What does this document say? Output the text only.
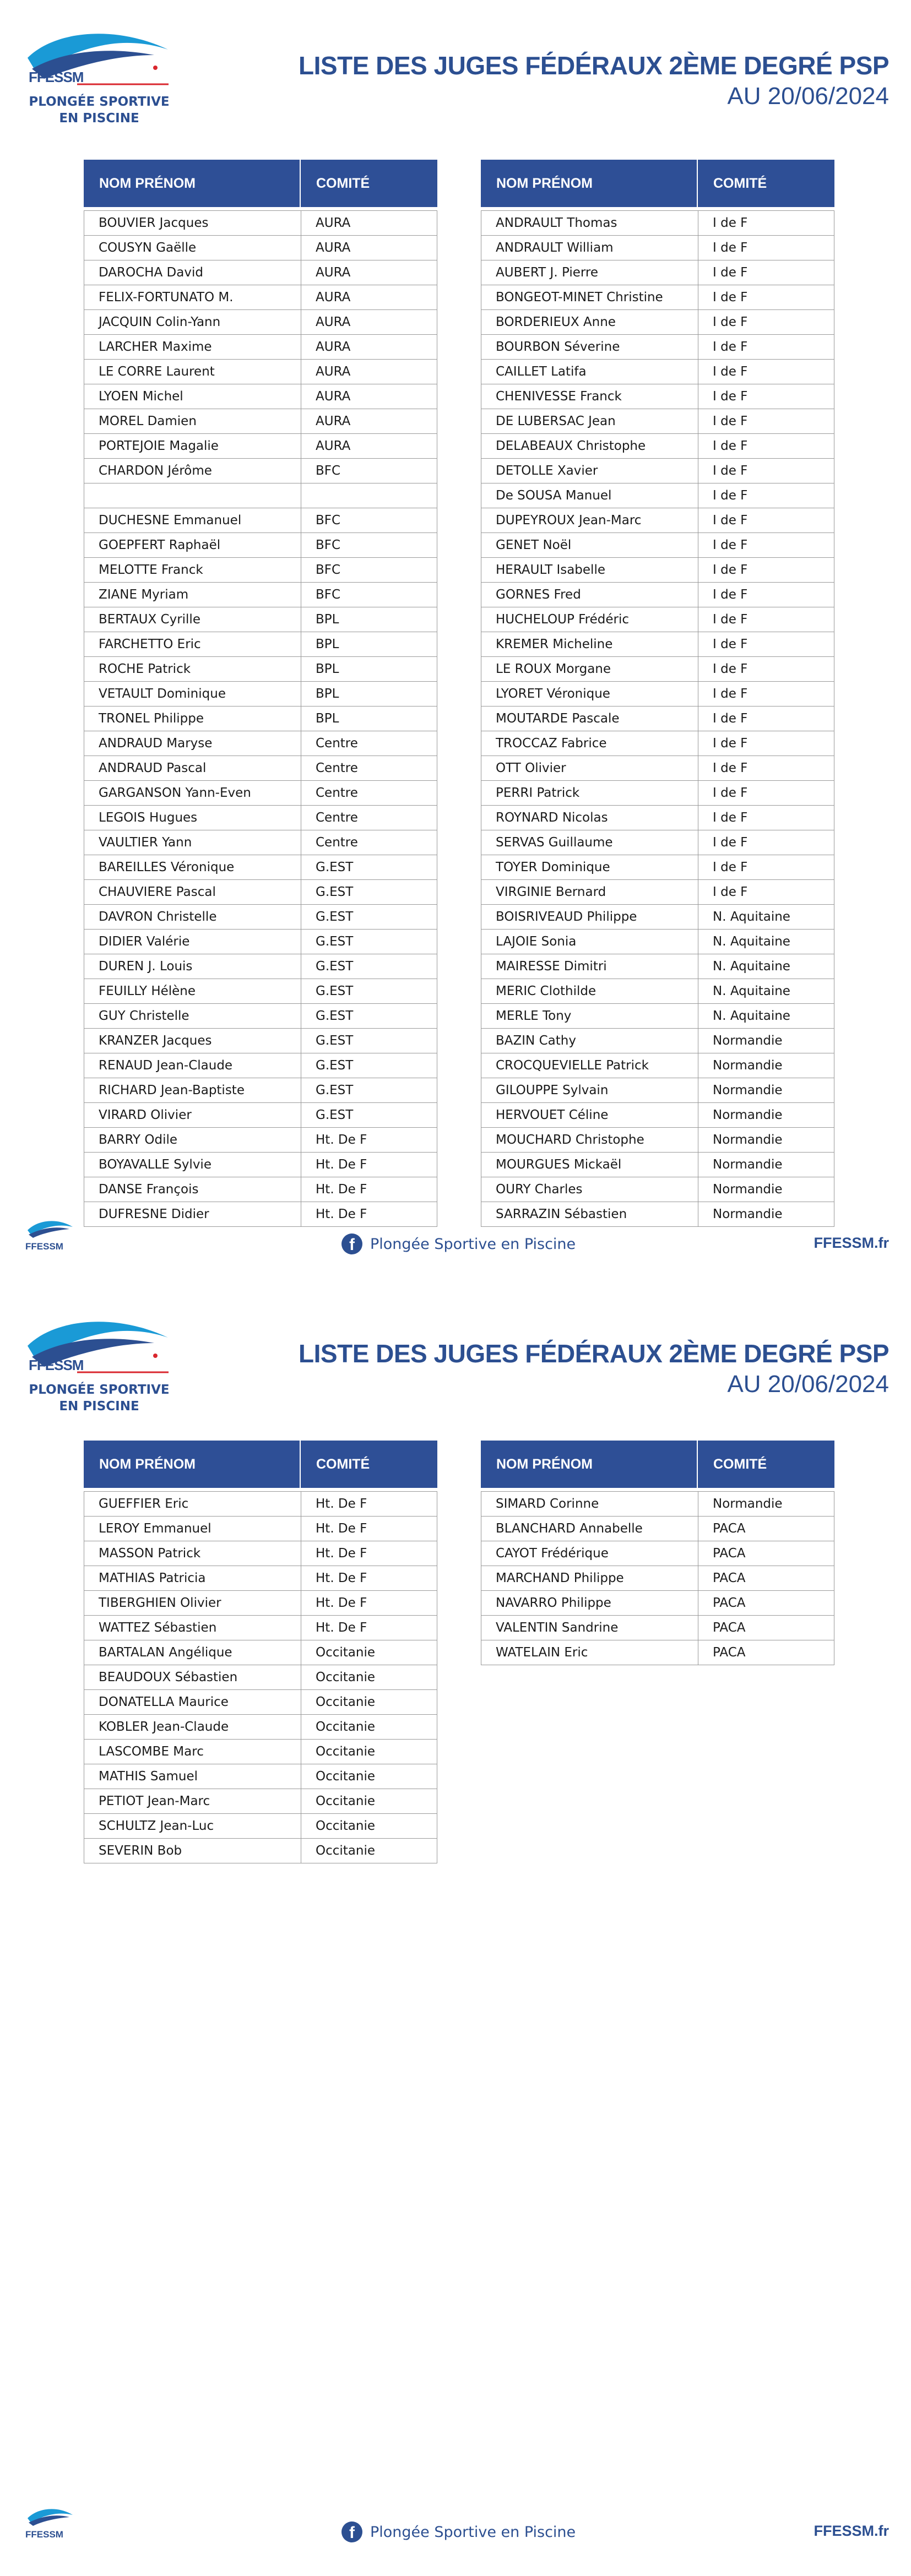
FFESSM
PLONGÉE SPORTIVE
EN PISCINE
LISTE DES JUGES FÉDÉRAUX 2ÈME DEGRÉ PSP
AU 20/06/2024
NOM PRÉNOM	COMITÉ
BOUVIER Jacques	AURA
COUSYN Gaëlle	AURA
DAROCHA David	AURA
FELIX-FORTUNATO M.	AURA
JACQUIN Colin-Yann	AURA
LARCHER Maxime	AURA
LE CORRE Laurent	AURA
LYOEN Michel	AURA
MOREL Damien	AURA
PORTEJOIE Magalie	AURA
CHARDON Jérôme	BFC
DUCHESNE Emmanuel	BFC
GOEPFERT Raphaël	BFC
MELOTTE Franck	BFC
ZIANE Myriam	BFC
BERTAUX Cyrille	BPL
FARCHETTO Eric	BPL
ROCHE Patrick	BPL
VETAULT Dominique	BPL
TRONEL Philippe	BPL
ANDRAUD Maryse	Centre
ANDRAUD Pascal	Centre
GARGANSON Yann-Even	Centre
LEGOIS Hugues	Centre
VAULTIER Yann	Centre
BAREILLES Véronique	G.EST
CHAUVIERE Pascal	G.EST
DAVRON Christelle	G.EST
DIDIER Valérie	G.EST
DUREN J. Louis	G.EST
FEUILLY Hélène	G.EST
GUY Christelle	G.EST
KRANZER Jacques	G.EST
RENAUD Jean-Claude	G.EST
RICHARD Jean-Baptiste	G.EST
VIRARD Olivier	G.EST
BARRY Odile	Ht. De F
BOYAVALLE Sylvie	Ht. De F
DANSE François	Ht. De F
DUFRESNE Didier	Ht. De F
NOM PRÉNOM	COMITÉ
ANDRAULT Thomas	I de F
ANDRAULT William	I de F
AUBERT J. Pierre	I de F
BONGEOT-MINET Christine	I de F
BORDERIEUX Anne	I de F
BOURBON Séverine	I de F
CAILLET Latifa	I de F
CHENIVESSE Franck	I de F
DE LUBERSAC Jean	I de F
DELABEAUX Christophe	I de F
DETOLLE Xavier	I de F
De SOUSA Manuel	I de F
DUPEYROUX Jean-Marc	I de F
GENET Noël	I de F
HERAULT Isabelle	I de F
GORNES Fred	I de F
HUCHELOUP Frédéric	I de F
KREMER Micheline	I de F
LE ROUX Morgane	I de F
LYORET Véronique	I de F
MOUTARDE Pascale	I de F
TROCCAZ Fabrice	I de F
OTT Olivier	I de F
PERRI Patrick	I de F
ROYNARD Nicolas	I de F
SERVAS Guillaume	I de F
TOYER Dominique	I de F
VIRGINIE Bernard	I de F
BOISRIVEAUD Philippe	N. Aquitaine
LAJOIE Sonia	N. Aquitaine
MAIRESSE Dimitri	N. Aquitaine
MERIC Clothilde	N. Aquitaine
MERLE Tony	N. Aquitaine
BAZIN Cathy	Normandie
CROCQUEVIELLE Patrick	Normandie
GILOUPPE Sylvain	Normandie
HERVOUET Céline	Normandie
MOUCHARD Christophe	Normandie
MOURGUES Mickaël	Normandie
OURY Charles	Normandie
SARRAZIN Sébastien	Normandie
FFESSM	f	Plongée Sportive en Piscine	FFESSM.fr
FFESSM
PLONGÉE SPORTIVE
EN PISCINE
LISTE DES JUGES FÉDÉRAUX 2ÈME DEGRÉ PSP
AU 20/06/2024
NOM PRÉNOM	COMITÉ
GUEFFIER Eric	Ht. De F
LEROY Emmanuel	Ht. De F
MASSON Patrick	Ht. De F
MATHIAS Patricia	Ht. De F
TIBERGHIEN Olivier	Ht. De F
WATTEZ Sébastien	Ht. De F
BARTALAN Angélique	Occitanie
BEAUDOUX Sébastien	Occitanie
DONATELLA Maurice	Occitanie
KOBLER Jean-Claude	Occitanie
LASCOMBE Marc	Occitanie
MATHIS Samuel	Occitanie
PETIOT Jean-Marc	Occitanie
SCHULTZ Jean-Luc	Occitanie
SEVERIN Bob	Occitanie
NOM PRÉNOM	COMITÉ
SIMARD Corinne	Normandie
BLANCHARD Annabelle	PACA
CAYOT Frédérique	PACA
MARCHAND Philippe	PACA
NAVARRO Philippe	PACA
VALENTIN Sandrine	PACA
WATELAIN Eric	PACA
FFESSM	f	Plongée Sportive en Piscine	FFESSM.fr
